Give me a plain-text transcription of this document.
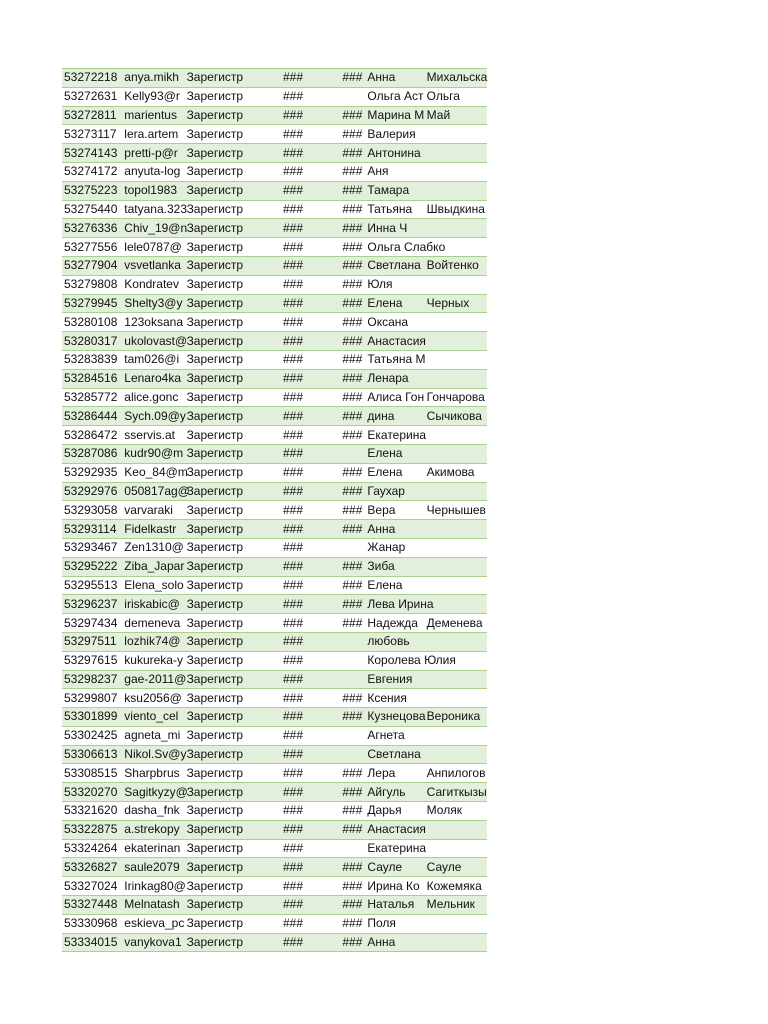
53272218	anya.mikh	Зарегистр	###	###	Анна	Михальска
53272631	Kelly93@r	Зарегистр	###		Ольга Аст	Ольга
53272811	marientus	Зарегистр	###	###	Марина М	Май
53273117	lera.artem	Зарегистр	###	###	Валерия	
53274143	pretti-p@r	Зарегистр	###	###	Антонина	
53274172	anyuta-log	Зарегистр	###	###	Аня	
53275223	topol1983	Зарегистр	###	###	Тамара	
53275440	tatyana.323	Зарегистр	###	###	Татьяна	Швыдкина
53276336	Chiv_19@n	Зарегистр	###	###	Инна Ч	
53277556	lele0787@	Зарегистр	###	###	Ольга Слабко	
53277904	vsvetlanka	Зарегистр	###	###	Светлана	Войтенко
53279808	Kondratev	Зарегистр	###	###	Юля	
53279945	Shelty3@y	Зарегистр	###	###	Елена	Черных
53280108	123oksana	Зарегистр	###	###	Оксана	
53280317	ukolovast@	Зарегистр	###	###	Анастасия	
53283839	tam026@i	Зарегистр	###	###	Татьяна М	
53284516	Lenaro4ka	Зарегистр	###	###	Ленара	
53285772	alice.gonc	Зарегистр	###	###	Алиса Гон	Гончарова
53286444	Sych.09@y	Зарегистр	###	###	дина	Сычикова
53286472	sservis.at	Зарегистр	###	###	Екатерина	
53287086	kudr90@m	Зарегистр	###		Елена	
53292935	Keo_84@m	Зарегистр	###	###	Елена	Акимова
53292976	050817ag@	Зарегистр	###	###	Гаухар	
53293058	varvaraki	Зарегистр	###	###	Вера	Чернышев
53293114	Fidelkastr	Зарегистр	###	###	Анна	
53293467	Zen1310@	Зарегистр	###		Жанар	
53295222	Ziba_Japar	Зарегистр	###	###	Зиба	
53295513	Elena_solo	Зарегистр	###	###	Елена	
53296237	iriskabic@	Зарегистр	###	###	Лева Ирина	
53297434	demeneva	Зарегистр	###	###	Надежда	Деменева
53297511	lozhik74@	Зарегистр	###		любовь	
53297615	kukureka-y	Зарегистр	###		Королева Юлия	
53298237	gae-2011@	Зарегистр	###		Евгения	
53299807	ksu2056@	Зарегистр	###	###	Ксения	
53301899	viento_cel	Зарегистр	###	###	Кузнецова	Вероника
53302425	agneta_mi	Зарегистр	###		Агнета	
53306613	Nikol.Sv@y	Зарегистр	###		Светлана	
53308515	Sharpbrus	Зарегистр	###	###	Лера	Анпилогов
53320270	Sagitkyzy@	Зарегистр	###	###	Айгуль	Сагиткызы
53321620	dasha_fnk	Зарегистр	###	###	Дарья	Моляк
53322875	a.strekopy	Зарегистр	###	###	Анастасия	
53324264	ekaterinan	Зарегистр	###		Екатерина	
53326827	saule2079	Зарегистр	###	###	Сауле	Сауле
53327024	Irinkag80@	Зарегистр	###	###	Ирина Ко	Кожемяка
53327448	Melnatash	Зарегистр	###	###	Наталья	Мельник
53330968	eskieva_pc	Зарегистр	###	###	Поля	
53334015	vanykova1	Зарегистр	###	###	Анна	
